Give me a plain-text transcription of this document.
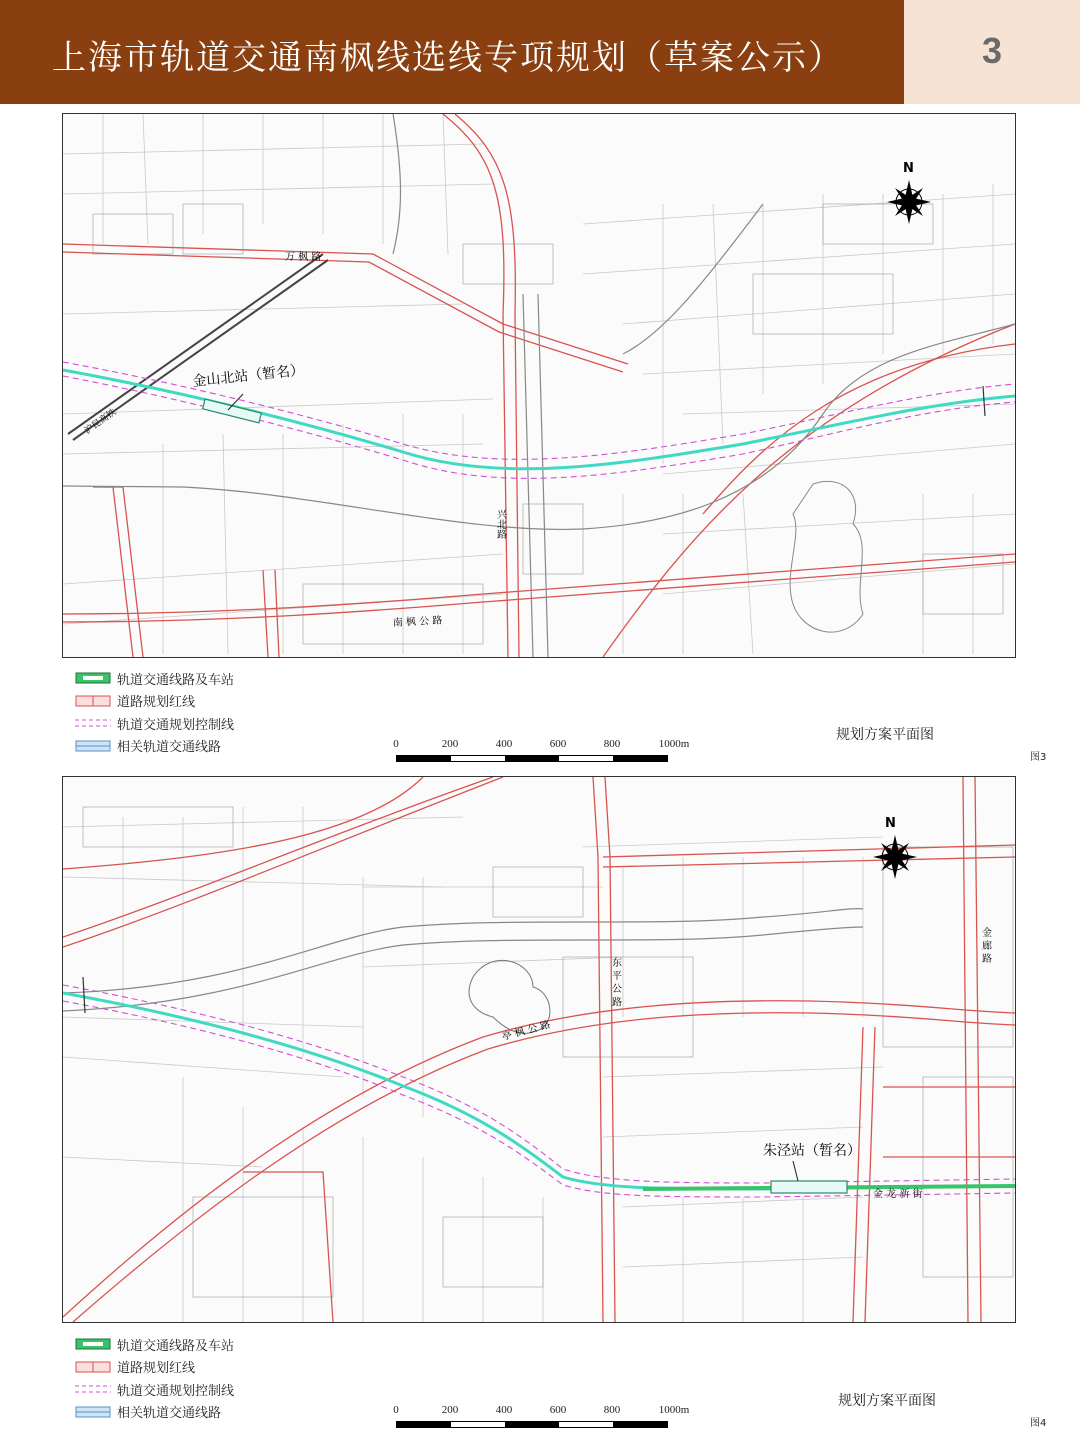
上海市轨道交通南枫线选线专项规划（草案公示）	3
N
万 枫 路
金山北站（暂名）
沪昆高铁
兴北路
南 枫 公 路
轨道交通线路及车站
道路规划红线
轨道交通规划控制线
相关轨道交通线路	0	200	400	600	800	1000m
规划方案平面图
图3
N
亭 枫 公 路
东 平 公 路
朱泾站（暂名）
金 龙 新 街
金 廊 路
轨道交通线路及车站
道路规划红线
轨道交通规划控制线
相关轨道交通线路	0	200	400	600	800	1000m
规划方案平面图
图4
